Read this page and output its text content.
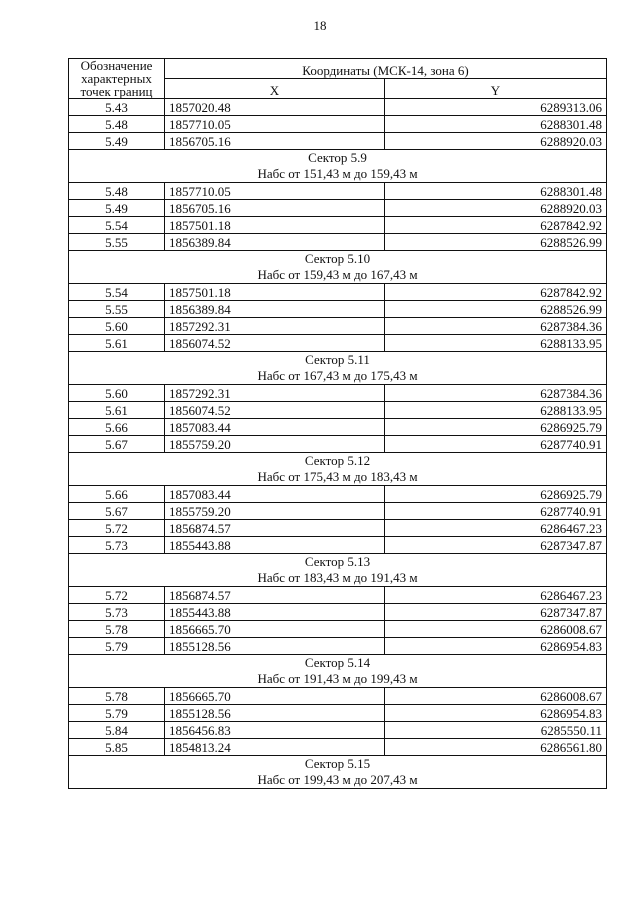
18
Обозначение характерных точек границ	Координаты (МСК-14, зона 6)	
	X	Y
5.43	1857020.48	6289313.06
5.48	1857710.05	6288301.48
5.49	1856705.16	6288920.03

Сектор 5.9
Набс от 151,43 м до 159,43 м		

5.48	1857710.05	6288301.48
5.49	1856705.16	6288920.03
5.54	1857501.18	6287842.92
5.55	1856389.84	6288526.99

Сектор 5.10
Набс от 159,43 м до 167,43 м		

5.54	1857501.18	6287842.92
5.55	1856389.84	6288526.99
5.60	1857292.31	6287384.36
5.61	1856074.52	6288133.95

Сектор 5.11
Набс от 167,43 м до 175,43 м		

5.60	1857292.31	6287384.36
5.61	1856074.52	6288133.95
5.66	1857083.44	6286925.79
5.67	1855759.20	6287740.91

Сектор 5.12
Набс от 175,43 м до 183,43 м		

5.66	1857083.44	6286925.79
5.67	1855759.20	6287740.91
5.72	1856874.57	6286467.23
5.73	1855443.88	6287347.87

Сектор 5.13
Набс от 183,43 м до 191,43 м		

5.72	1856874.57	6286467.23
5.73	1855443.88	6287347.87
5.78	1856665.70	6286008.67
5.79	1855128.56	6286954.83

Сектор 5.14
Набс от 191,43 м до 199,43 м		

5.78	1856665.70	6286008.67
5.79	1855128.56	6286954.83
5.84	1856456.83	6285550.11
5.85	1854813.24	6286561.80

Сектор 5.15
Набс от 199,43 м до 207,43 м		
